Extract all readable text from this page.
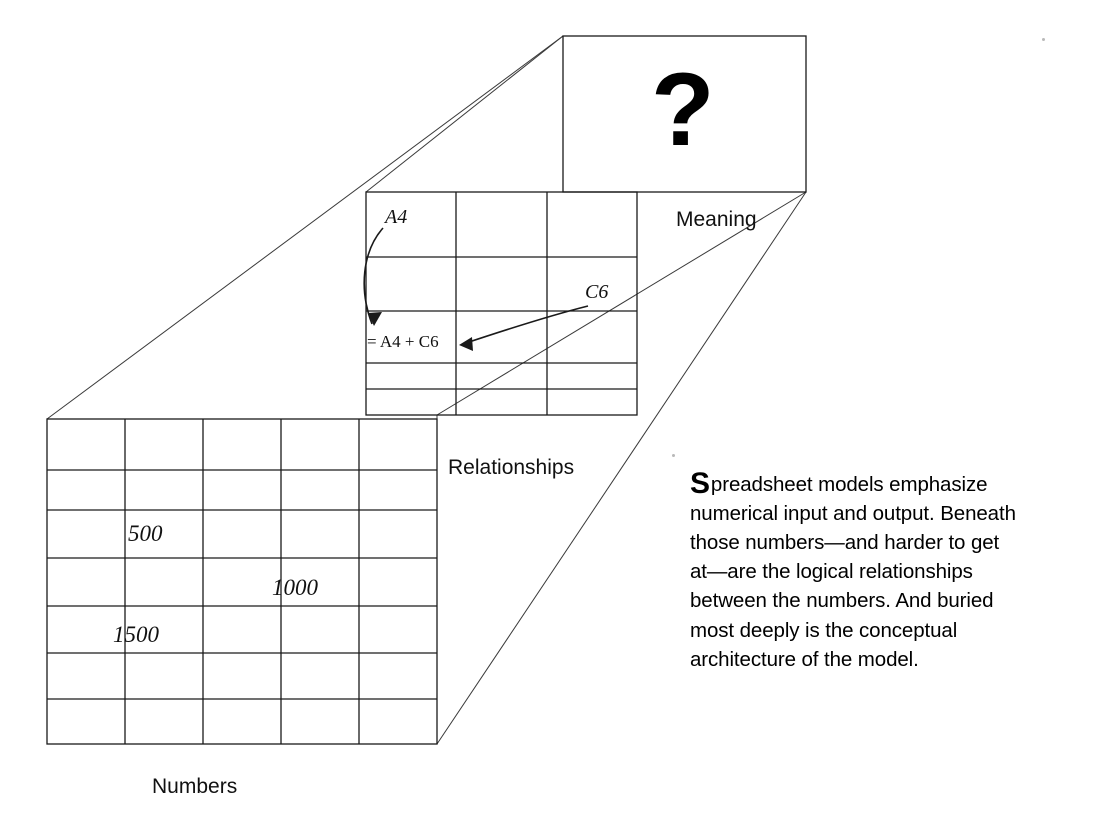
?
Meaning
Relationships
Numbers
500
1000
1500
A4
C6
= A4 + C6
Spreadsheet models emphasize numerical input and output. Beneath those numbers—and harder to get at—are the logical relationships between the numbers. And buried most deeply is the conceptual architecture of the model.
